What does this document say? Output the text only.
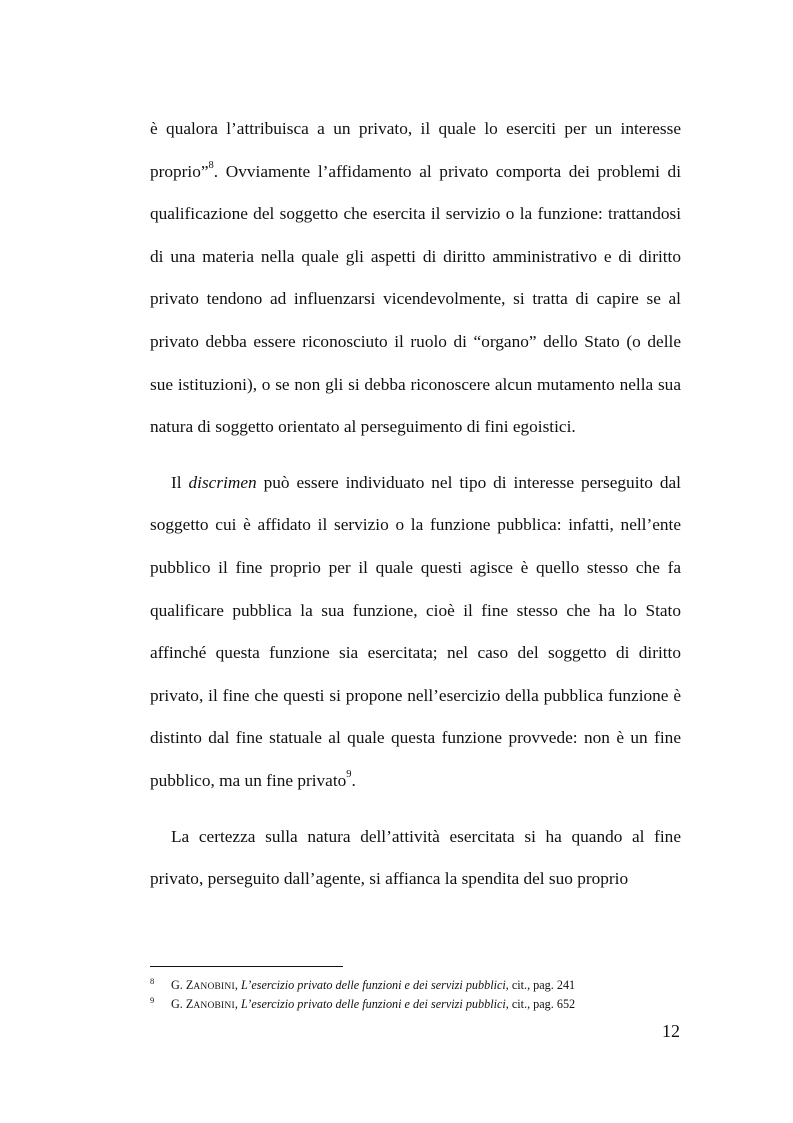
è qualora l’attribuisca a un privato, il quale lo eserciti per un interesse proprio”$^8$. Ovviamente l’affidamento al privato comporta dei problemi di qualificazione del soggetto che esercita il servizio o la funzione: trattandosi di una materia nella quale gli aspetti di diritto amministrativo e di diritto privato tendono ad influenzarsi vicendevolmente, si tratta di capire se al privato debba essere riconosciuto il ruolo di “organo” dello Stato (o delle sue istituzioni), o se non gli si debba riconoscere alcun mutamento nella sua natura di soggetto orientato al perseguimento di fini egoistici.

Il discrimen può essere individuato nel tipo di interesse perseguito dal soggetto cui è affidato il servizio o la funzione pubblica: infatti, nell’ente pubblico il fine proprio per il quale questi agisce è quello stesso che fa qualificare pubblica la sua funzione, cioè il fine stesso che ha lo Stato affinché questa funzione sia esercitata; nel caso del soggetto di diritto privato, il fine che questi si propone nell’esercizio della pubblica funzione è distinto dal fine statuale al quale questa funzione provvede: non è un fine pubblico, ma un fine privato$^9$.

La certezza sulla natura dell’attività esercitata si ha quando al fine privato, perseguito dall’agente, si affianca la spendita del suo proprio

8 G. ZANOBINI, L’esercizio privato delle funzioni e dei servizi pubblici, cit., pag. 241
9 G. ZANOBINI, L’esercizio privato delle funzioni e dei servizi pubblici, cit., pag. 652
12
